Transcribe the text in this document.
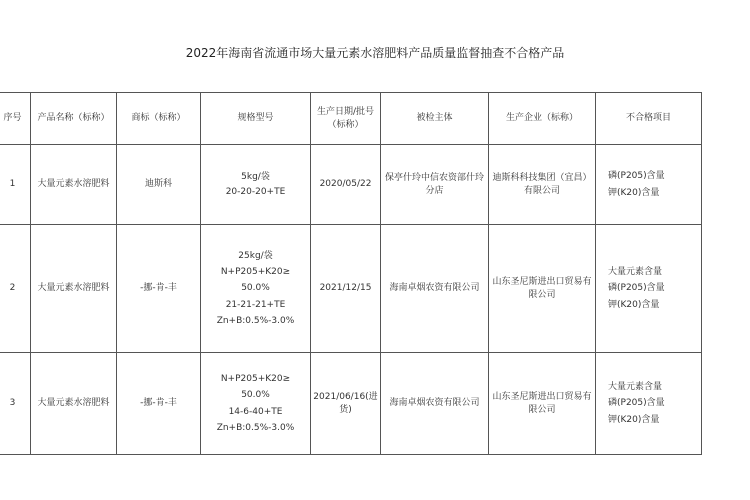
2022年海南省流通市场大量元素水溶肥料产品质量监督抽查不合格产品
序号	产品名称（标称）	商标（标称）	规格型号	生产日期/批号（标称）	被检主体	生产企业（标称）	不合格项目
1	大量元素水溶肥料	迪斯科	5kg/袋
20-20-20+TE	2020/05/22	保亭什玲中信农资部什玲分店	迪斯科科技集团（宜昌）有限公司	磷(P205)含量
钾(K20)含量

2	大量元素水溶肥料	-挪-肯-丰	25kg/袋
N+P205+K20≥
50.0%
21-21-21+TE
Zn+B:0.5%-3.0%	2021/12/15	海南卓烟农资有限公司	山东圣尼斯进出口贸易有限公司	大量元素含量
磷(P205)含量
钾(K20)含量

3	大量元素水溶肥料	-挪-肯-丰	N+P205+K20≥
50.0%
14-6-40+TE
Zn+B:0.5%-3.0%	2021/06/16(进货)	海南卓烟农资有限公司	山东圣尼斯进出口贸易有限公司	大量元素含量
磷(P205)含量
钾(K20)含量
